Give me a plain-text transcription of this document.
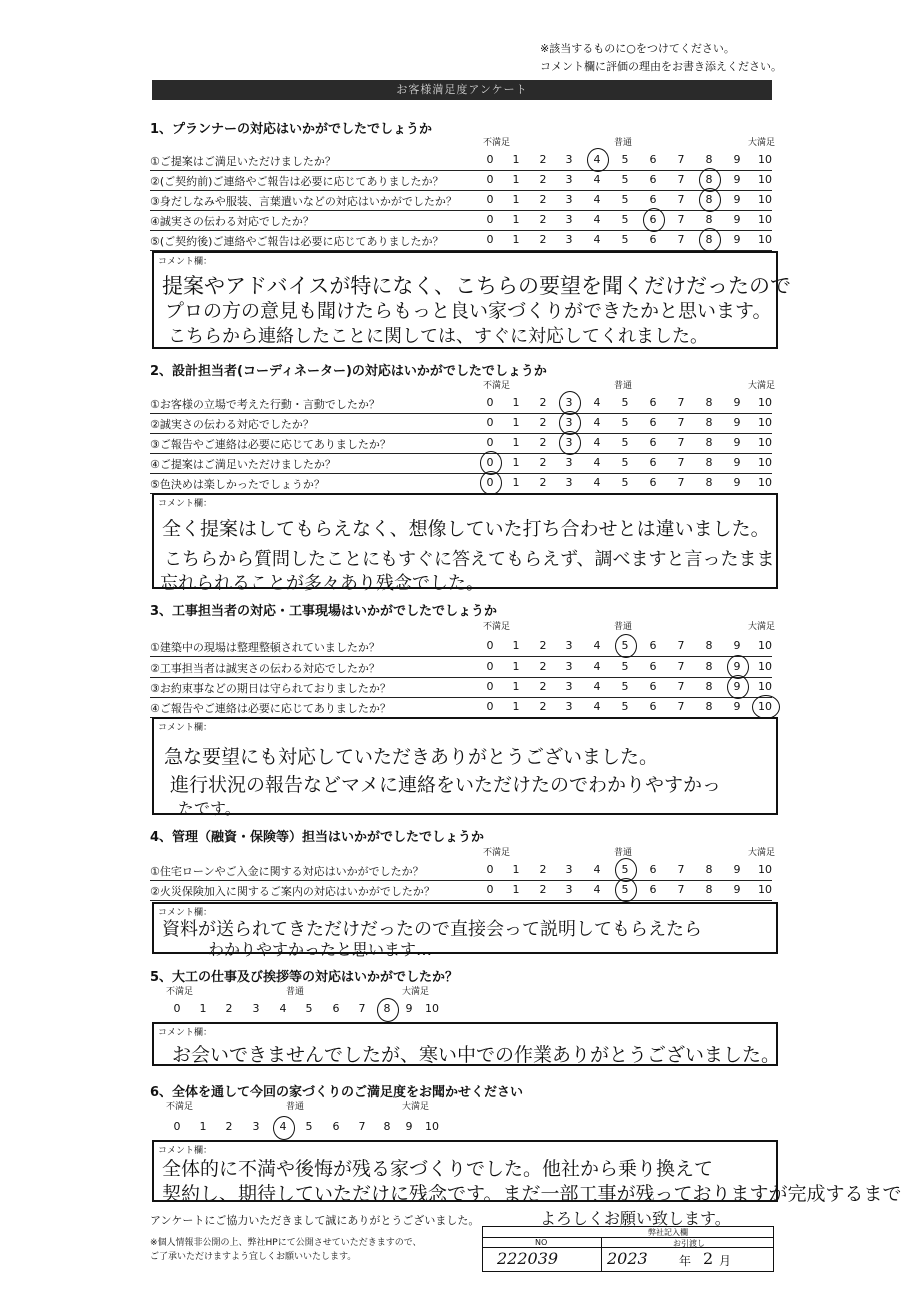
※該当するものに○をつけてください。
コメント欄に評価の理由をお書き添えください。
お客様満足度アンケート
1、プランナーの対応はいかがでしたでしょうか
不満足	普通	大満足
①ご提案はご満足いただけましたか？	0	1	2	3	4	5	6	7	8	9	10
②(ご契約前)ご連絡やご報告は必要に応じてありましたか？	0	1	2	3	4	5	6	7	8	9	10
③身だしなみや服装、言葉遣いなどの対応はいかがでしたか？	0	1	2	3	4	5	6	7	8	9	10
④誠実さの伝わる対応でしたか？	0	1	2	3	4	5	6	7	8	9	10
⑤(ご契約後)ご連絡やご報告は必要に応じてありましたか？	0	1	2	3	4	5	6	7	8	9	10
コメント欄：
提案やアドバイスが特になく、こちらの要望を聞くだけだったので
プロの方の意見も聞けたらもっと良い家づくりができたかと思います。
こちらから連絡したことに関しては、すぐに対応してくれました。
2、設計担当者(コーディネーター)の対応はいかがでしたでしょうか
不満足	普通	大満足
①お客様の立場で考えた行動・言動でしたか？	0	1	2	3	4	5	6	7	8	9	10
②誠実さの伝わる対応でしたか？	0	1	2	3	4	5	6	7	8	9	10
③ご報告やご連絡は必要に応じてありましたか？	0	1	2	3	4	5	6	7	8	9	10
④ご提案はご満足いただけましたか？	0	1	2	3	4	5	6	7	8	9	10
⑤色決めは楽しかったでしょうか？	0	1	2	3	4	5	6	7	8	9	10
コメント欄：
全く提案はしてもらえなく、想像していた打ち合わせとは違いました。
こちらから質問したことにもすぐに答えてもらえず、調べますと言ったまま
忘れられることが多々あり残念でした。
3、工事担当者の対応・工事現場はいかがでしたでしょうか
不満足	普通	大満足
①建築中の現場は整理整頓されていましたか？	0	1	2	3	4	5	6	7	8	9	10
②工事担当者は誠実さの伝わる対応でしたか？	0	1	2	3	4	5	6	7	8	9	10
③お約束事などの期日は守られておりましたか？	0	1	2	3	4	5	6	7	8	9	10
④ご報告やご連絡は必要に応じてありましたか？	0	1	2	3	4	5	6	7	8	9	10
コメント欄：
急な要望にも対応していただきありがとうございました。
進行状況の報告などマメに連絡をいただけたのでわかりやすかっ
たです。
4、管理（融資・保険等）担当はいかがでしたでしょうか
不満足	普通	大満足
①住宅ローンやご入金に関する対応はいかがでしたか？	0	1	2	3	4	5	6	7	8	9	10
②火災保険加入に関するご案内の対応はいかがでしたか？	0	1	2	3	4	5	6	7	8	9	10
コメント欄：
資料が送られてきただけだったので直接会って説明してもらえたら
わかりやすかったと思います…
5、大工の仕事及び挨拶等の対応はいかがでしたか？
不満足	普通	大満足
0	1	2	3	4	5	6	7	8	9	10
コメント欄：
お会いできませんでしたが、寒い中での作業ありがとうございました。
6、全体を通して今回の家づくりのご満足度をお聞かせください
不満足	普通	大満足
0	1	2	3	4	5	6	7	8	9	10
コメント欄：
全体的に不満や後悔が残る家づくりでした。他社から乗り換えて
契約し、期待していただけに残念です。まだ一部工事が残っておりますが完成するまで
よろしくお願い致します。
アンケートにご協力いただきまして誠にありがとうございました。
※個人情報非公開の上、弊社HPにて公開させていただきますので、
ご了承いただけますよう宜しくお願いいたします。
弊社記入欄
NO	お引渡し
222039	2023	年 2 月
